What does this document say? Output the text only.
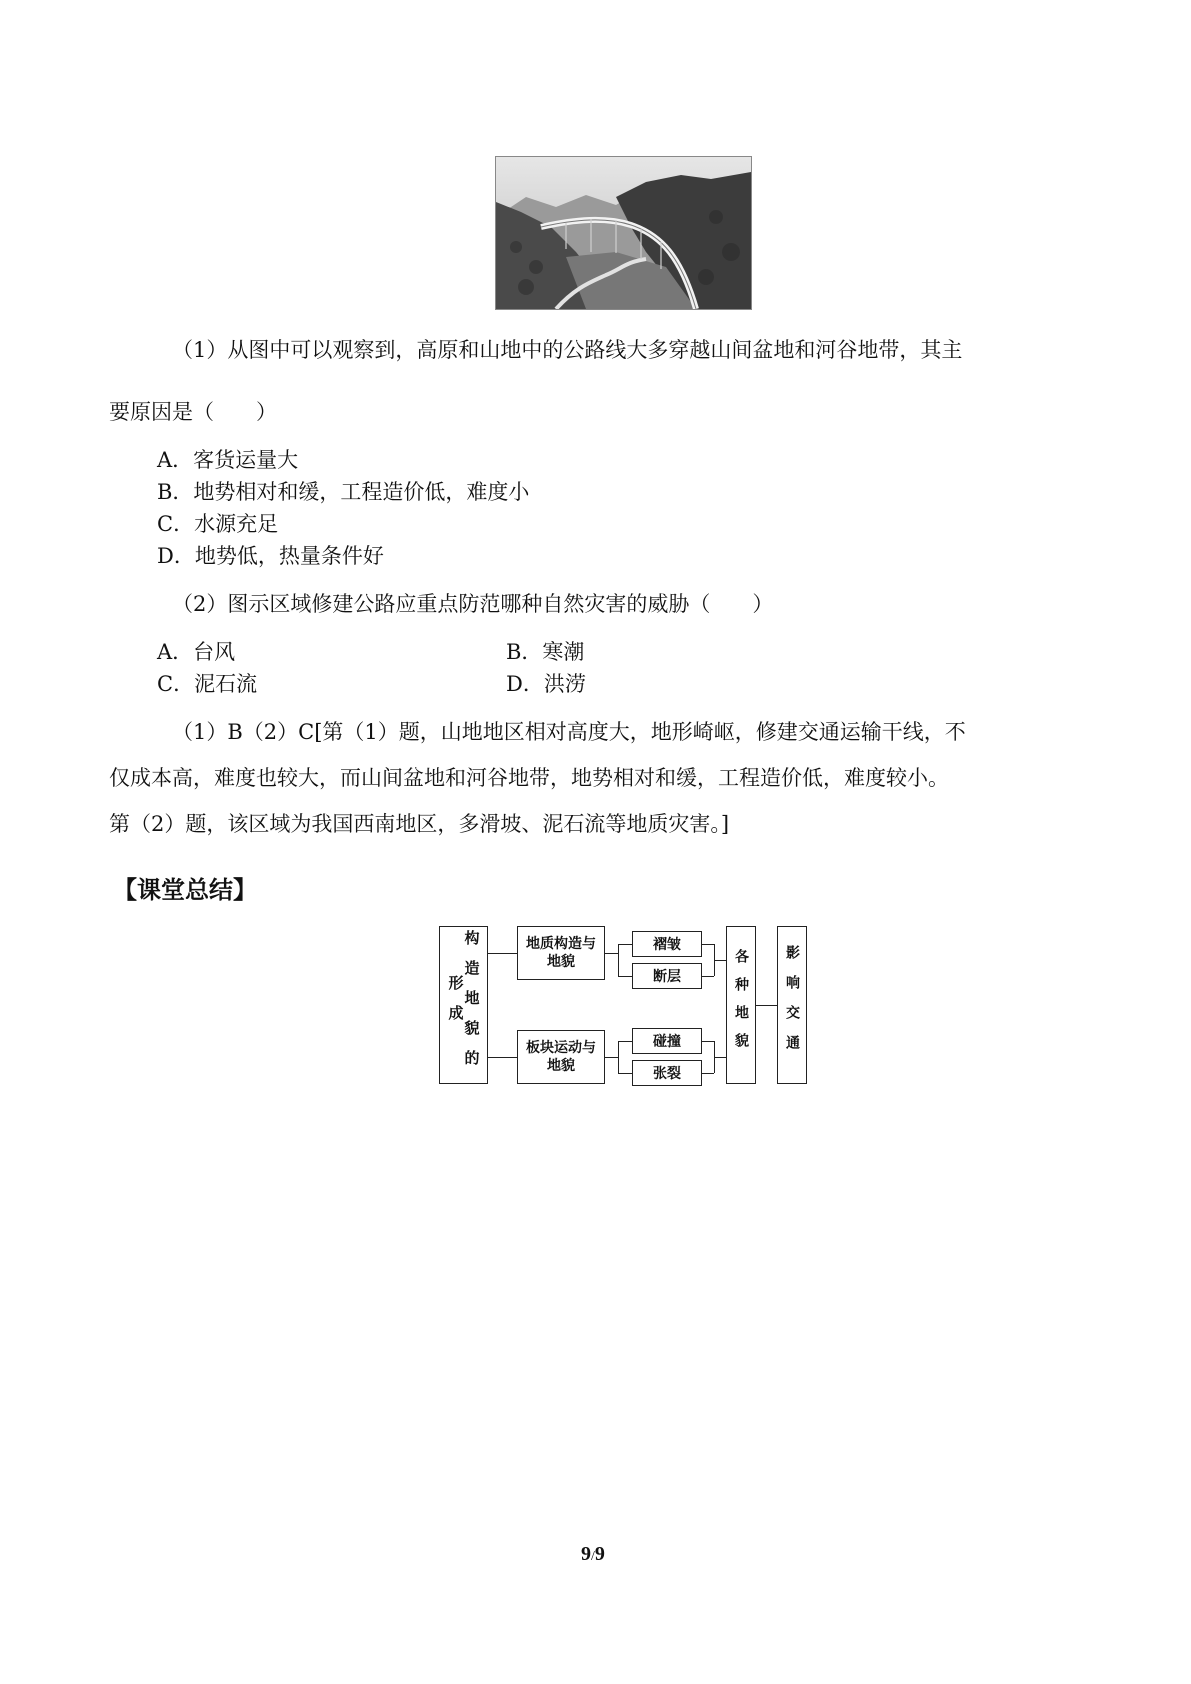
（1）从图中可以观察到，高原和山地中的公路线大多穿越山间盆地和河谷地带，其主
要原因是（　　）
A．客货运量大
B．地势相对和缓，工程造价低，难度小
C．水源充足
D．地势低，热量条件好
（2）图示区域修建公路应重点防范哪种自然灾害的威胁（　　）
A．台风	B．寒潮
C．泥石流	D．洪涝
（1）B（2）C[第（1）题，山地地区相对高度大，地形崎岖，修建交通运输干线，不
仅成本高，难度也较大，而山间盆地和河谷地带，地势相对和缓，工程造价低，难度较小。
第（2）题，该区域为我国西南地区，多滑坡、泥石流等地质灾害。]
【课堂总结】
构造地貌的形成
地质构造与地貌
板块运动与地貌
褶皱
断层
碰撞
张裂
各种地貌	影响交通
9/9
